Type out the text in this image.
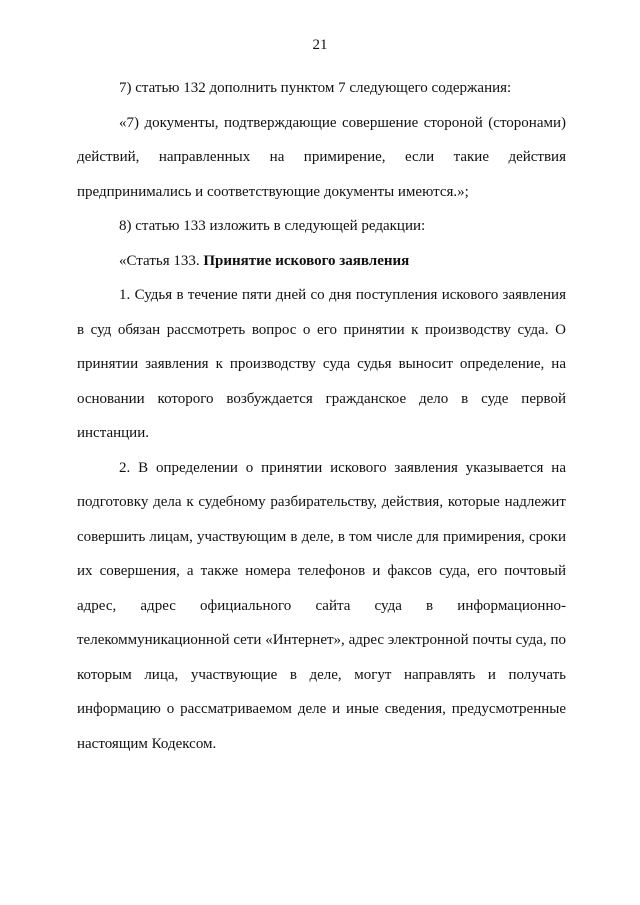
21

7) статью 132 дополнить пунктом 7 следующего содержания:

«7) документы, подтверждающие совершение стороной (сторонами) действий, направленных на примирение, если такие действия предпринимались и соответствующие документы имеются.»;

8) статью 133 изложить в следующей редакции:

«Статья 133. Принятие искового заявления

1. Судья в течение пяти дней со дня поступления искового заявления в суд обязан рассмотреть вопрос о его принятии к производству суда. О принятии заявления к производству суда судья выносит определение, на основании которого возбуждается гражданское дело в суде первой инстанции.

2. В определении о принятии искового заявления указывается на подготовку дела к судебному разбирательству, действия, которые надлежит совершить лицам, участвующим в деле, в том числе для примирения, сроки их совершения, а также номера телефонов и факсов суда, его почтовый адрес, адрес официального сайта суда в информационно-телекоммуникационной сети «Интернет», адрес электронной почты суда, по которым лица, участвующие в деле, могут направлять и получать информацию о рассматриваемом деле и иные сведения, предусмотренные настоящим Кодексом.
